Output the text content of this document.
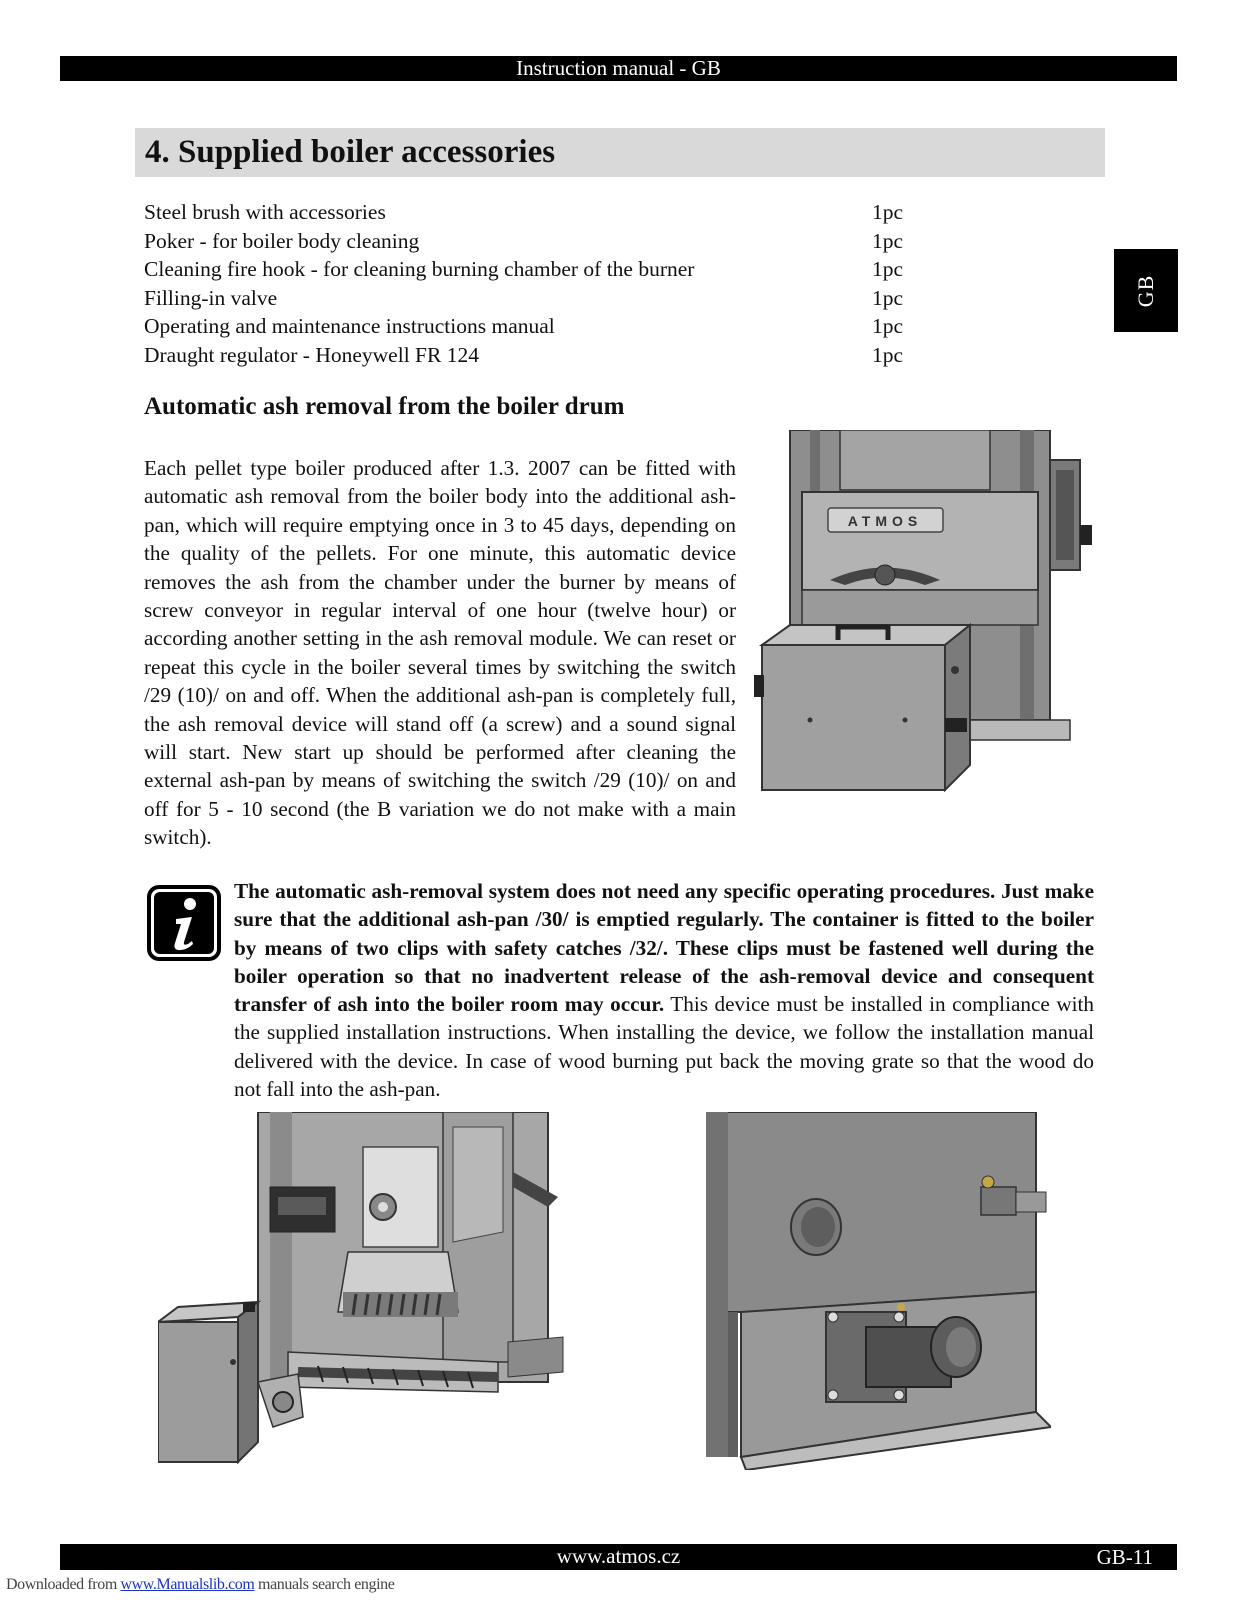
Instruction manual - GB
4. Supplied boiler accessories
GB
Steel brush with accessories	1pc
Poker - for boiler body cleaning	1pc
Cleaning fire hook - for cleaning burning chamber of the burner	1pc
Filling-in valve	1pc
Operating and maintenance instructions manual	1pc
Draught regulator - Honeywell FR 124	1pc
Automatic ash removal from the boiler drum

Each pellet type boiler produced after 1.3. 2007 can be fitted with automatic ash removal from the boiler body into the additional ash-pan, which will require emptying once in 3 to 45 days, depending on the quality of the pellets. For one minute, this automatic device removes the ash from the chamber under the burner by means of screw conveyor in regular interval of one hour (twelve hour) or according another setting in the ash removal module. We can reset or repeat this cycle in the boiler several times by switching the switch /29 (10)/ on and off. When the additional ash-pan is completely full, the ash removal device will stand off (a screw) and a sound signal will start. New start up should be performed after cleaning the external ash-pan by means of switching the switch /29 (10)/ on and off for 5 - 10 second (the B variation we do not make with a main switch).

ATMOS

The automatic ash-removal system does not need any specific operating procedures. Just make sure that the additional ash-pan /30/ is emptied regularly. The container is fitted to the boiler by means of two clips with safety catches /32/. These clips must be fastened well during the boiler operation so that no inadvertent release of the ash-removal device and consequent transfer of ash into the boiler room may occur. This device must be installed in compliance with the supplied installation instructions. When installing the device, we follow the installation manual delivered with the device. In case of wood burning put back the moving grate so that the wood do not fall into the ash-pan.

www.atmos.cz	GB-11
Downloaded from www.Manualslib.com manuals search engine
